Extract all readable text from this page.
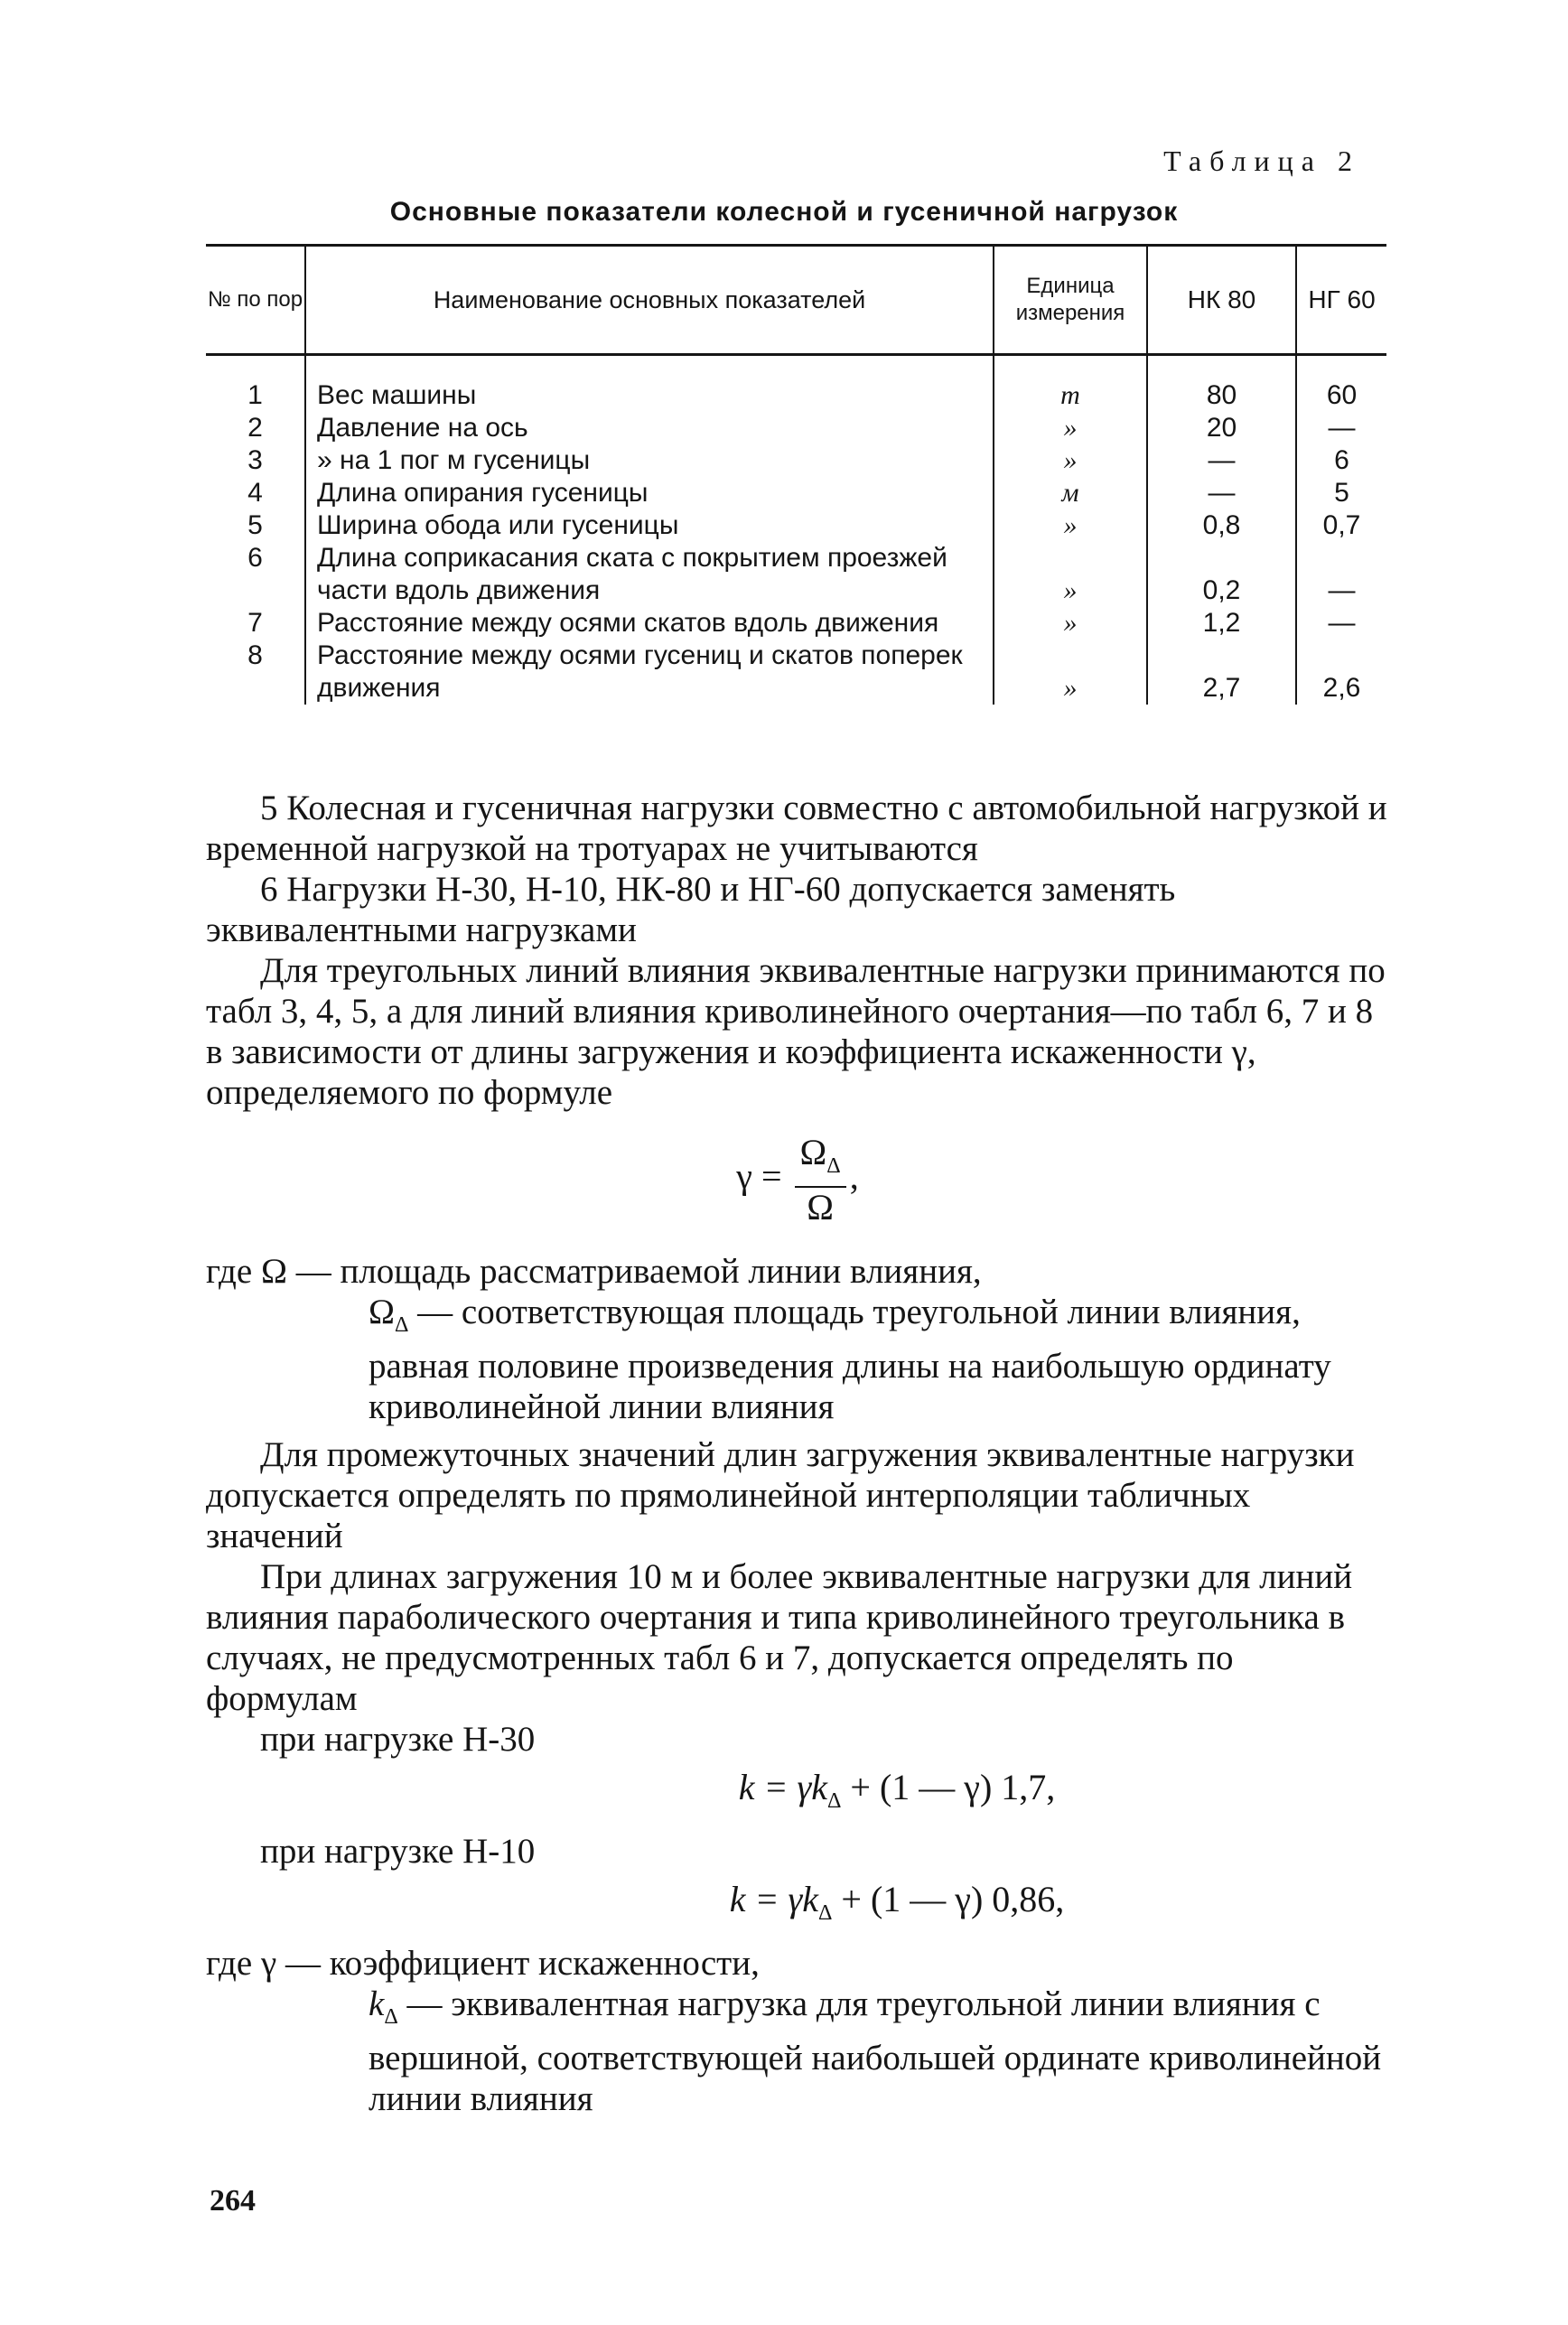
Таблица 2
Основные показатели колесной и гусеничной нагрузок
№ по пор	Наименование основных показателей	Единица измерения	НК 80	НГ 60
1	Вес машины	т	80	60
2	Давление на ось	»	20	—
3	» на 1 пог м гусеницы	»	—	6
4	Длина опирания гусеницы	м	—	5
5	Ширина обода или гусеницы	»	0,8	0,7
6	Длина соприкасания ската с покрытием проезжей части вдоль движения	»	0,2	—
7	Расстояние между осями скатов вдоль движения	»	1,2	—
8	Расстояние между осями гусениц и скатов поперек движения	»	2,7	2,6

5 Колесная и гусеничная нагрузки совместно с автомобильной нагрузкой и временной нагрузкой на тротуарах не учитываются

6 Нагрузки Н-30, Н-10, НК-80 и НГ-60 допускается заменять эквивалентными нагрузками

Для треугольных линий влияния эквивалентные нагрузки принимаются по табл 3, 4, 5, а для линий влияния криволинейного очертания—по табл 6, 7 и 8 в зависимости от длины загружения и коэффициента искаженности γ, определяемого по формуле

$\gamma = \frac{\Omega_\Delta}{\Omega}$ ,
где Ω — площадь рассматриваемой линии влияния,
$\Omega_\Delta$ — соответствующая площадь треугольной линии влияния, равная половине произведения длины на наибольшую ординату криволинейной линии влияния

Для промежуточных значений длин загружения эквивалентные нагрузки допускается определять по прямолинейной интерполяции табличных значений

При длинах загружения 10 м и более эквивалентные нагрузки для линий влияния параболического очертания и типа криволинейного треугольника в случаях, не предусмотренных табл 6 и 7, допускается определять по формулам

при нагрузке Н-30

$k = \gamma k_\Delta + (1$ — γ) 1,7,

при нагрузке Н-10

$k = \gamma k_\Delta + (1$ — γ) 0,86,
где γ — коэффициент искаженности,
$k_\Delta$ — эквивалентная нагрузка для треугольной линии влияния с вершиной, соответствующей наибольшей ординате криволинейной линии влияния
264
